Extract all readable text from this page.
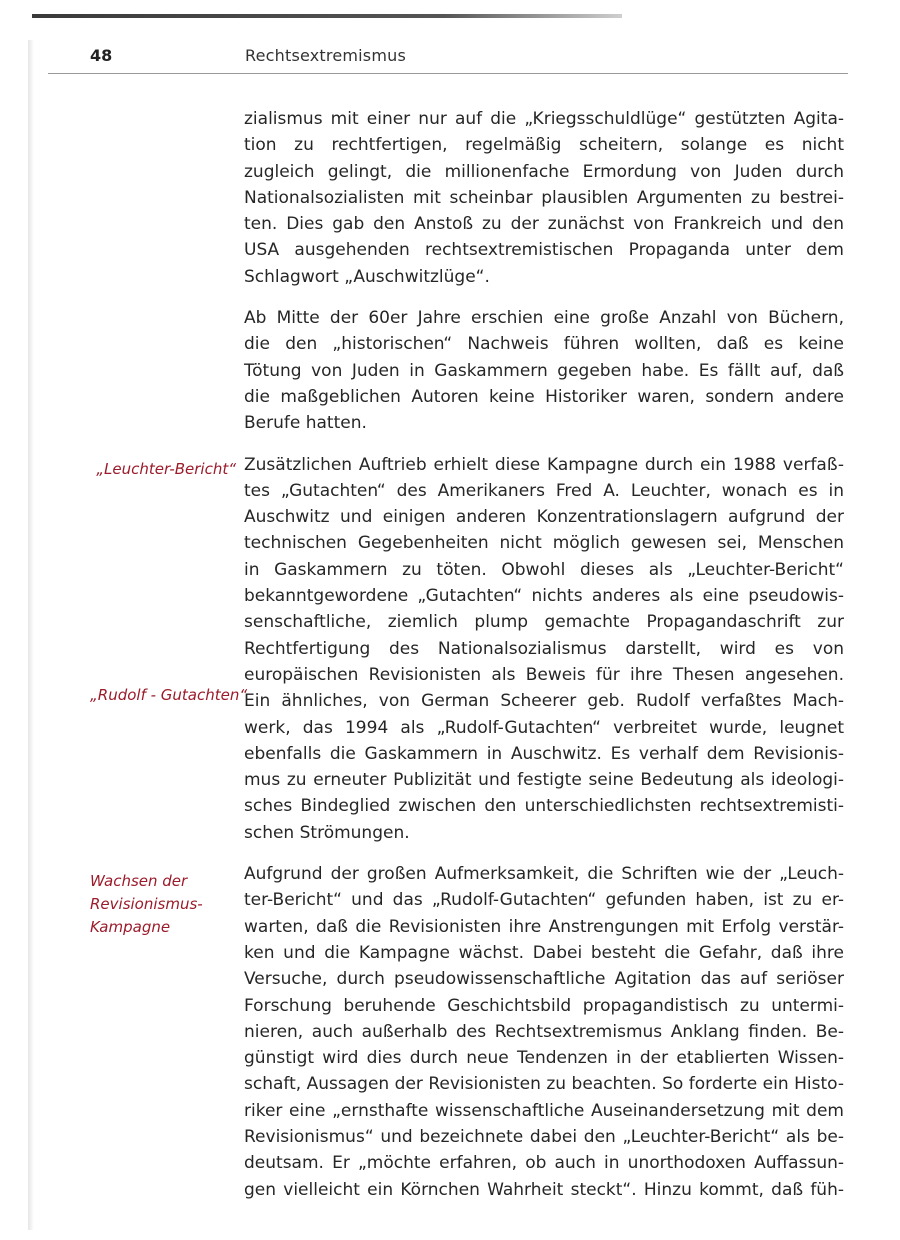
48	Rechtsextremismus
„Leuchter-Bericht“
„Rudolf - Gutachten“
Wachsen der Revisionismus-Kampagne

zialismus mit einer nur auf die „Kriegsschuldlüge“ gestützten Agita-
tion zu rechtfertigen, regelmäßig scheitern, solange es nicht
zugleich gelingt, die millionenfache Ermordung von Juden durch
Nationalsozialisten mit scheinbar plausiblen Argumenten zu bestrei-
ten. Dies gab den Anstoß zu der zunächst von Frankreich und den
USA ausgehenden rechtsextremistischen Propaganda unter dem
Schlagwort „Auschwitzlüge“.

Ab Mitte der 60er Jahre erschien eine große Anzahl von Büchern,
die den „historischen“ Nachweis führen wollten, daß es keine
Tötung von Juden in Gaskammern gegeben habe. Es fällt auf, daß
die maßgeblichen Autoren keine Historiker waren, sondern andere
Berufe hatten.

Zusätzlichen Auftrieb erhielt diese Kampagne durch ein 1988 verfaß-
tes „Gutachten“ des Amerikaners Fred A. Leuchter, wonach es in
Auschwitz und einigen anderen Konzentrationslagern aufgrund der
technischen Gegebenheiten nicht möglich gewesen sei, Menschen
in Gaskammern zu töten. Obwohl dieses als „Leuchter-Bericht“
bekanntgewordene „Gutachten“ nichts anderes als eine pseudowis-
senschaftliche, ziemlich plump gemachte Propagandaschrift zur
Rechtfertigung des Nationalsozialismus darstellt, wird es von
europäischen Revisionisten als Beweis für ihre Thesen angesehen.
Ein ähnliches, von German Scheerer geb. Rudolf verfaßtes Mach-
werk, das 1994 als „Rudolf-Gutachten“ verbreitet wurde, leugnet
ebenfalls die Gaskammern in Auschwitz. Es verhalf dem Revisionis-
mus zu erneuter Publizität und festigte seine Bedeutung als ideologi-
sches Bindeglied zwischen den unterschiedlichsten rechtsextremisti-
schen Strömungen.

Aufgrund der großen Aufmerksamkeit, die Schriften wie der „Leuch-
ter-Bericht“ und das „Rudolf-Gutachten“ gefunden haben, ist zu er-
warten, daß die Revisionisten ihre Anstrengungen mit Erfolg verstär-
ken und die Kampagne wächst. Dabei besteht die Gefahr, daß ihre
Versuche, durch pseudowissenschaftliche Agitation das auf seriöser
Forschung beruhende Geschichtsbild propagandistisch zu untermi-
nieren, auch außerhalb des Rechtsextremismus Anklang finden. Be-
günstigt wird dies durch neue Tendenzen in der etablierten Wissen-
schaft, Aussagen der Revisionisten zu beachten. So forderte ein Histo-
riker eine „ernsthafte wissenschaftliche Auseinandersetzung mit dem
Revisionismus“ und bezeichnete dabei den „Leuchter-Bericht“ als be-
deutsam. Er „möchte erfahren, ob auch in unorthodoxen Auffassun-
gen vielleicht ein Körnchen Wahrheit steckt“. Hinzu kommt, daß füh-
